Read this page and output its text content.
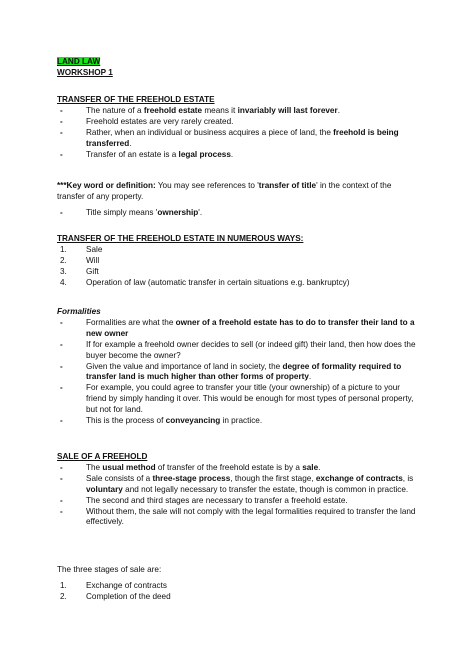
LAND LAW
WORKSHOP 1
TRANSFER OF THE FREEHOLD ESTATE
-	The nature of a freehold estate means it invariably will last forever.
-	Freehold estates are very rarely created.
-	Rather, when an individual or business acquires a piece of land, the freehold is being transferred.
-	Transfer of an estate is a legal process.

***Key word or definition: You may see references to 'transfer of title' in the context of the transfer of any property.

-	Title simply means 'ownership'.
TRANSFER OF THE FREEHOLD ESTATE IN NUMEROUS WAYS:
1. Sale
2. Will
3. Gift
4. Operation of law (automatic transfer in certain situations e.g. bankruptcy)
Formalities
-	Formalities are what the owner of a freehold estate has to do to transfer their land to a new owner
-	If for example a freehold owner decides to sell (or indeed gift) their land, then how does the buyer become the owner?
-	Given the value and importance of land in society, the degree of formality required to transfer land is much higher than other forms of property.
-	For example, you could agree to transfer your title (your ownership) of a picture to your friend by simply handing it over. This would be enough for most types of personal property, but not for land.
-	This is the process of conveyancing in practice.
SALE OF A FREEHOLD
-	The usual method of transfer of the freehold estate is by a sale.
-	Sale consists of a three-stage process, though the first stage, exchange of contracts, is voluntary and not legally necessary to transfer the estate, though is common in practice.
-	The second and third stages are necessary to transfer a freehold estate.
-	Without them, the sale will not comply with the legal formalities required to transfer the land effectively.

The three stages of sale are:

1. Exchange of contracts
2. Completion of the deed
